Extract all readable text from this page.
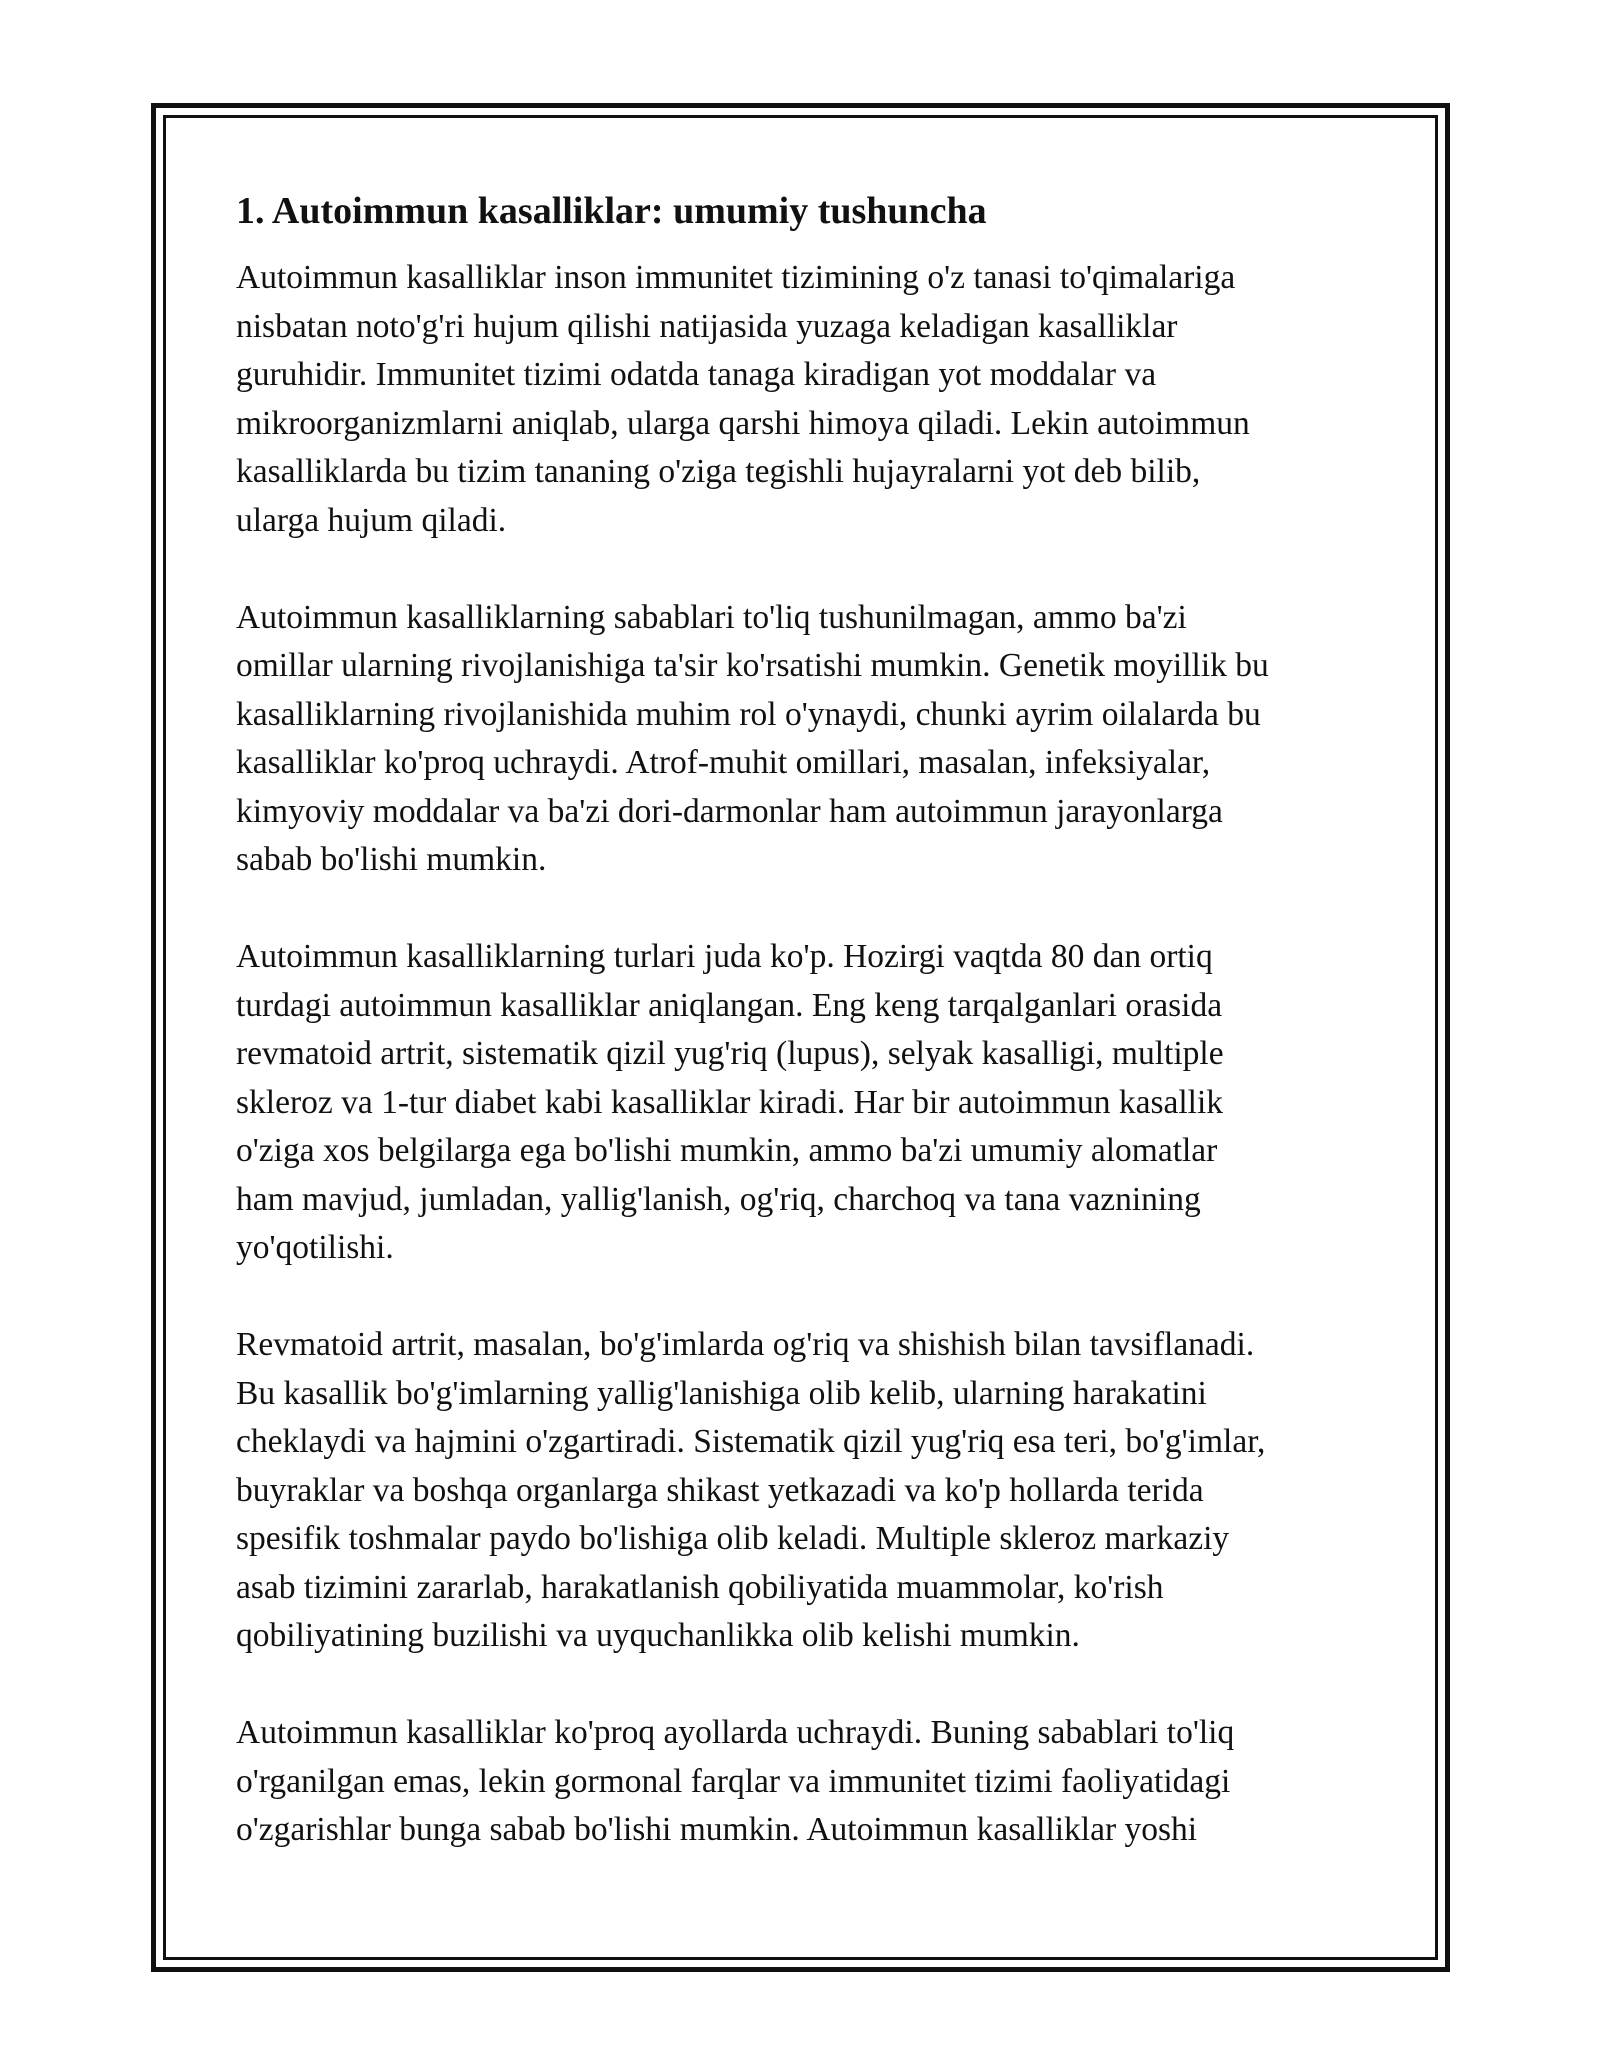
1. Autoimmun kasalliklar: umumiy tushuncha

Autoimmun kasalliklar inson immunitet tizimining o'z tanasi to'qimalariga
nisbatan noto'g'ri hujum qilishi natijasida yuzaga keladigan kasalliklar
guruhidir. Immunitet tizimi odatda tanaga kiradigan yot moddalar va
mikroorganizmlarni aniqlab, ularga qarshi himoya qiladi. Lekin autoimmun
kasalliklarda bu tizim tananing o'ziga tegishli hujayralarni yot deb bilib,
ularga hujum qiladi.

Autoimmun kasalliklarning sabablari to'liq tushunilmagan, ammo ba'zi
omillar ularning rivojlanishiga ta'sir ko'rsatishi mumkin. Genetik moyillik bu
kasalliklarning rivojlanishida muhim rol o'ynaydi, chunki ayrim oilalarda bu
kasalliklar ko'proq uchraydi. Atrof-muhit omillari, masalan, infeksiyalar,
kimyoviy moddalar va ba'zi dori-darmonlar ham autoimmun jarayonlarga
sabab bo'lishi mumkin.

Autoimmun kasalliklarning turlari juda ko'p. Hozirgi vaqtda 80 dan ortiq
turdagi autoimmun kasalliklar aniqlangan. Eng keng tarqalganlari orasida
revmatoid artrit, sistematik qizil yug'riq (lupus), selyak kasalligi, multiple
skleroz va 1-tur diabet kabi kasalliklar kiradi. Har bir autoimmun kasallik
o'ziga xos belgilarga ega bo'lishi mumkin, ammo ba'zi umumiy alomatlar
ham mavjud, jumladan, yallig'lanish, og'riq, charchoq va tana vaznining
yo'qotilishi.

Revmatoid artrit, masalan, bo'g'imlarda og'riq va shishish bilan tavsiflanadi.
Bu kasallik bo'g'imlarning yallig'lanishiga olib kelib, ularning harakatini
cheklaydi va hajmini o'zgartiradi. Sistematik qizil yug'riq esa teri, bo'g'imlar,
buyraklar va boshqa organlarga shikast yetkazadi va ko'p hollarda terida
spesifik toshmalar paydo bo'lishiga olib keladi. Multiple skleroz markaziy
asab tizimini zararlab, harakatlanish qobiliyatida muammolar, ko'rish
qobiliyatining buzilishi va uyquchanlikka olib kelishi mumkin.

Autoimmun kasalliklar ko'proq ayollarda uchraydi. Buning sabablari to'liq
o'rganilgan emas, lekin gormonal farqlar va immunitet tizimi faoliyatidagi
o'zgarishlar bunga sabab bo'lishi mumkin. Autoimmun kasalliklar yoshi
